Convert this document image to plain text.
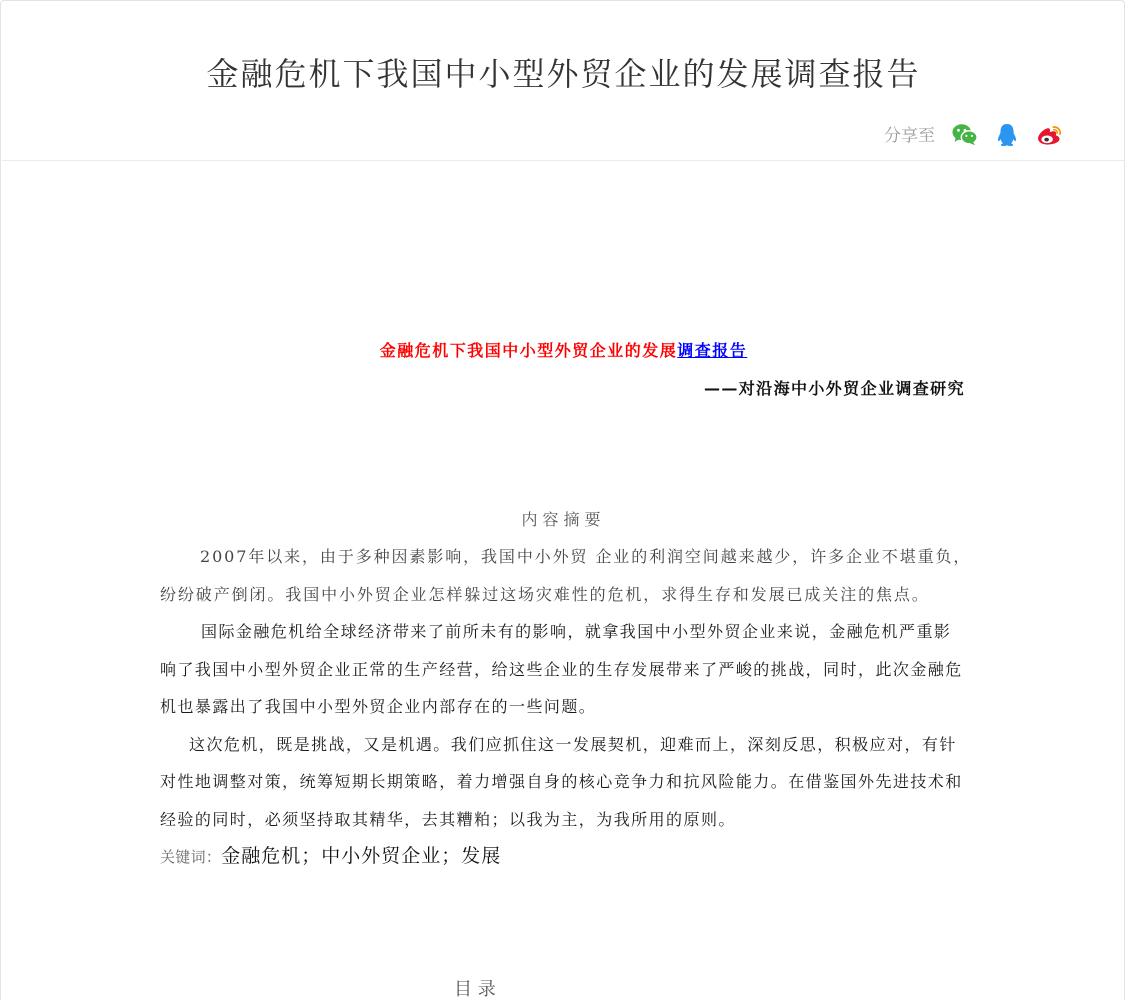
金融危机下我国中小型外贸企业的发展调查报告
分享至
金融危机下我国中小型外贸企业的发展调查报告
——对沿海中小外贸企业调查研究
内容摘要
2007年以来，由于多种因素影响，我国中小外贸 企业的利润空间越来越少，许多企业不堪重负，
纷纷破产倒闭。我国中小外贸企业怎样躲过这场灾难性的危机，求得生存和发展已成关注的焦点。
国际金融危机给全球经济带来了前所未有的影响，就拿我国中小型外贸企业来说，金融危机严重影
响了我国中小型外贸企业正常的生产经营，给这些企业的生存发展带来了严峻的挑战，同时，此次金融危
机也暴露出了我国中小型外贸企业内部存在的一些问题。
这次危机，既是挑战，又是机遇。我们应抓住这一发展契机，迎难而上，深刻反思，积极应对，有针
对性地调整对策，统筹短期长期策略，着力增强自身的核心竞争力和抗风险能力。在借鉴国外先进技术和
经验的同时，必须坚持取其精华，去其糟粕；以我为主，为我所用的原则。
关键词：金融危机；中小外贸企业；发展
目 录
